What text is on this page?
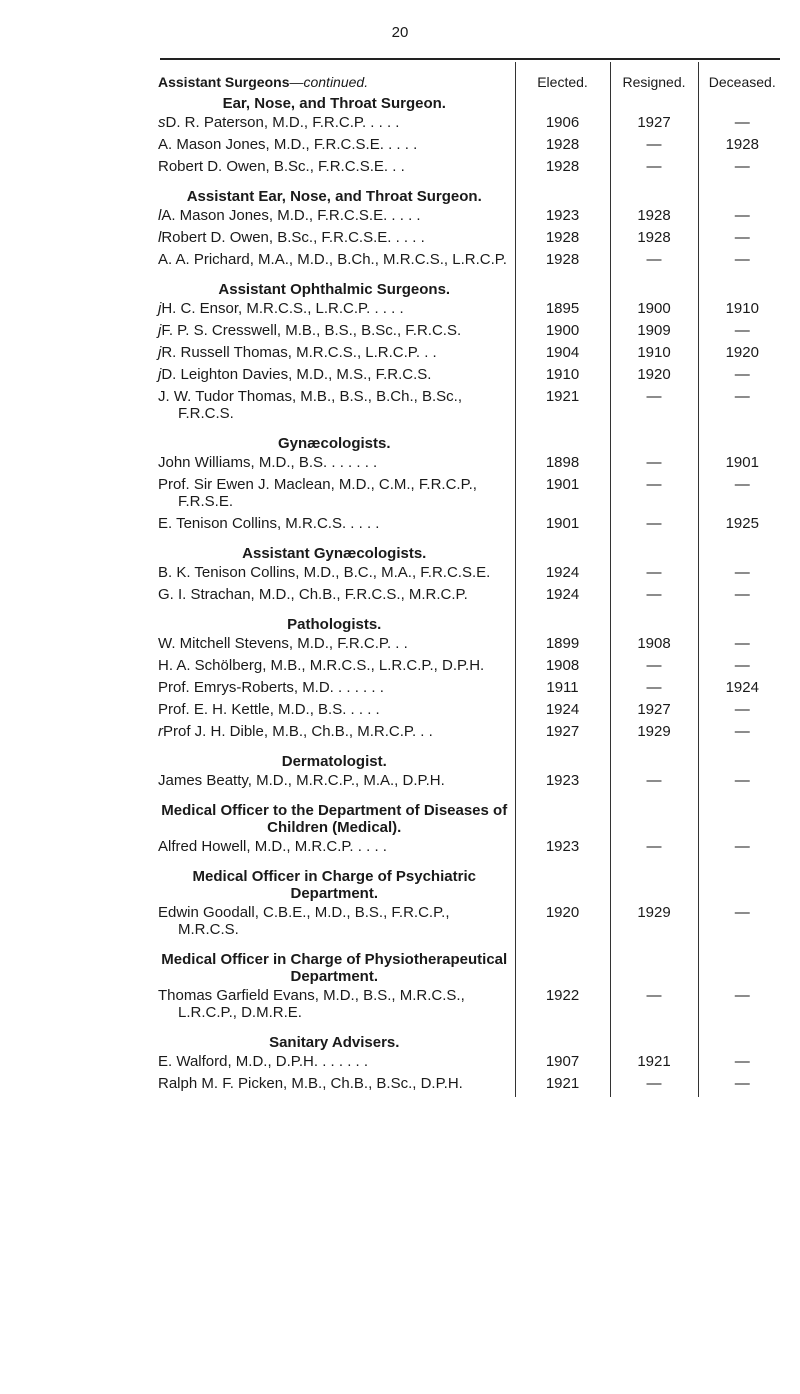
20
Assistant Surgeons—continued.	Elected.	Resigned.	Deceased.
Ear, Nose, and Throat Surgeon.			

sD. R. Paterson, M.D., F.R.C.P. . . . .	1906	1927	—

A. Mason Jones, M.D., F.R.C.S.E. . . . .	1928	—	1928

Robert D. Owen, B.Sc., F.R.C.S.E. . .	1928	—	—
Assistant Ear, Nose, and Throat Surgeon.			

lA. Mason Jones, M.D., F.R.C.S.E. . . . .	1923	1928	—

lRobert D. Owen, B.Sc., F.R.C.S.E. . . . .	1928	1928	—

A. A. Prichard, M.A., M.D., B.Ch., M.R.C.S., L.R.C.P.	1928	—	—
Assistant Ophthalmic Surgeons.			

jH. C. Ensor, M.R.C.S., L.R.C.P. . . . .	1895	1900	1910

jF. P. S. Cresswell, M.B., B.S., B.Sc., F.R.C.S.	1900	1909	—

jR. Russell Thomas, M.R.C.S., L.R.C.P. . .	1904	1910	1920

jD. Leighton Davies, M.D., M.S., F.R.C.S.	1910	1920	—

J. W. Tudor Thomas, M.B., B.S., B.Ch., B.Sc., F.R.C.S.	1921	—	—
Gynæcologists.			

John Williams, M.D., B.S. . . . . . .	1898	—	1901

Prof. Sir Ewen J. Maclean, M.D., C.M., F.R.C.P., F.R.S.E.	1901	—	—

E. Tenison Collins, M.R.C.S. . . . .	1901	—	1925
Assistant Gynæcologists.			

B. K. Tenison Collins, M.D., B.C., M.A., F.R.C.S.E.	1924	—	—

G. I. Strachan, M.D., Ch.B., F.R.C.S., M.R.C.P.	1924	—	—
Pathologists.			

W. Mitchell Stevens, M.D., F.R.C.P. . .	1899	1908	—

H. A. Schölberg, M.B., M.R.C.S., L.R.C.P., D.P.H.	1908	—	—

Prof. Emrys-Roberts, M.D. . . . . . .	1911	—	1924

Prof. E. H. Kettle, M.D., B.S. . . . .	1924	1927	—

rProf J. H. Dible, M.B., Ch.B., M.R.C.P. . .	1927	1929	—
Dermatologist.			

James Beatty, M.D., M.R.C.P., M.A., D.P.H.	1923	—	—
Medical Officer to the Department of Diseases of Children (Medical).			

Alfred Howell, M.D., M.R.C.P. . . . .	1923	—	—
Medical Officer in Charge of Psychiatric Department.			

Edwin Goodall, C.B.E., M.D., B.S., F.R.C.P., M.R.C.S.	1920	1929	—
Medical Officer in Charge of Physiotherapeutical Department.			

Thomas Garfield Evans, M.D., B.S., M.R.C.S., L.R.C.P., D.M.R.E.	1922	—	—
Sanitary Advisers.			

E. Walford, M.D., D.P.H. . . . . . .	1907	1921	—

Ralph M. F. Picken, M.B., Ch.B., B.Sc., D.P.H.	1921	—	—
